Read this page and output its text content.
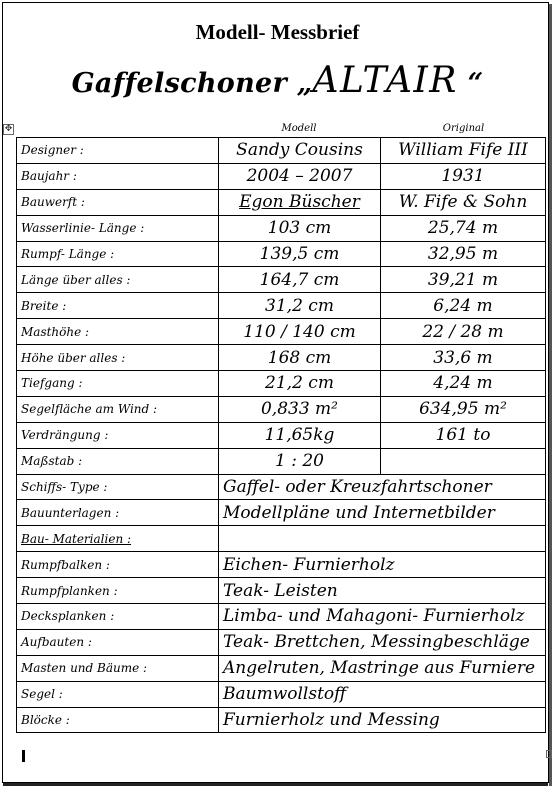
Modell- Messbrief
Gaffelschoner „ALTAIR “
✥	Modell	Original
Designer :	Sandy Cousins	William Fife III
Baujahr :	2004 – 2007	1931
Bauwerft :	Egon Büscher	W. Fife & Sohn
Wasserlinie- Länge :	103 cm	25,74 m
Rumpf- Länge :	139,5 cm	32,95 m
Länge über alles :	164,7 cm	39,21 m
Breite :	31,2 cm	6,24 m
Masthöhe :	110 / 140 cm	22 / 28 m
Höhe über alles :	168 cm	33,6 m
Tiefgang :	21,2 cm	4,24 m
Segelfläche am Wind :	0,833 m²	634,95 m²
Verdrängung :	11,65kg	161 to
Maßstab :	1 : 20	
Schiffs- Type :	Gaffel- oder Kreuzfahrtschoner	
Bauunterlagen :	Modellpläne und Internetbilder	
Bau- Materialien :		
Rumpfbalken :	Eichen- Furnierholz	
Rumpfplanken :	Teak- Leisten	
Decksplanken :	Limba- und Mahagoni- Furnierholz	
Aufbauten :	Teak- Brettchen, Messingbeschläge	
Masten und Bäume :	Angelruten, Mastringe aus Furniere	
Segel :	Baumwollstoff	
Blöcke :	Furnierholz und Messing	
